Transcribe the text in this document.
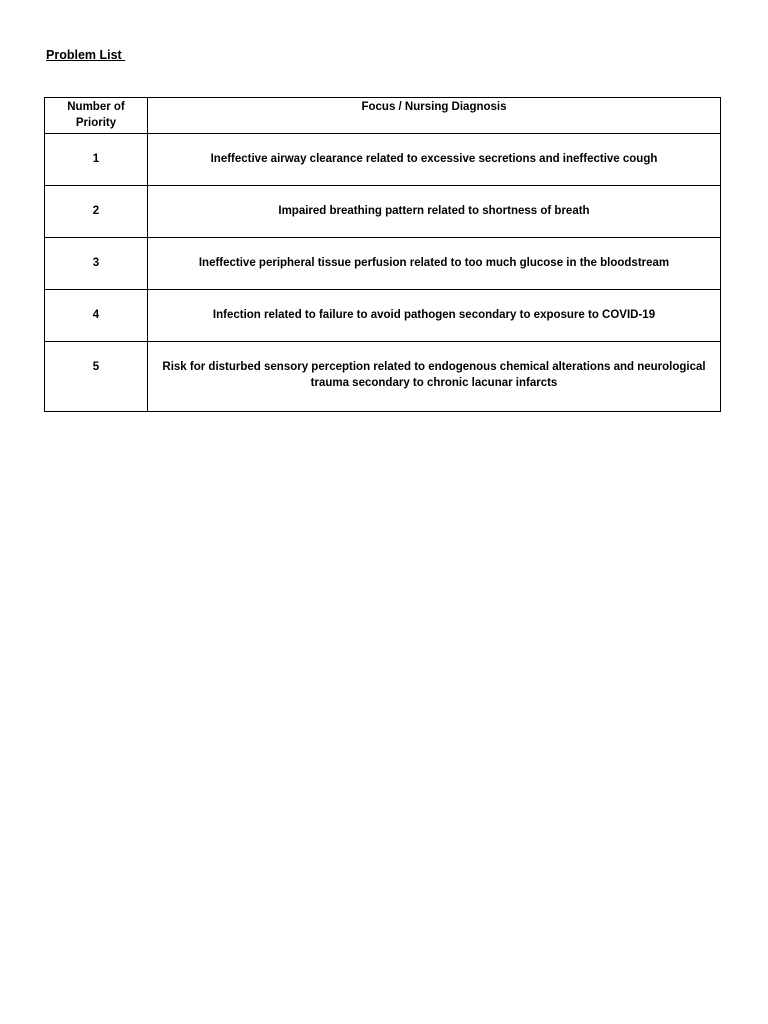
Problem List
Number of Priority	Focus / Nursing Diagnosis
1	Ineffective airway clearance related to excessive secretions and ineffective cough
2	Impaired breathing pattern related to shortness of breath
3	Ineffective peripheral tissue perfusion related to too much glucose in the bloodstream
4	Infection related to failure to avoid pathogen secondary to exposure to COVID-19
5	Risk for disturbed sensory perception related to endogenous chemical alterations and neurological trauma secondary to chronic lacunar infarcts
